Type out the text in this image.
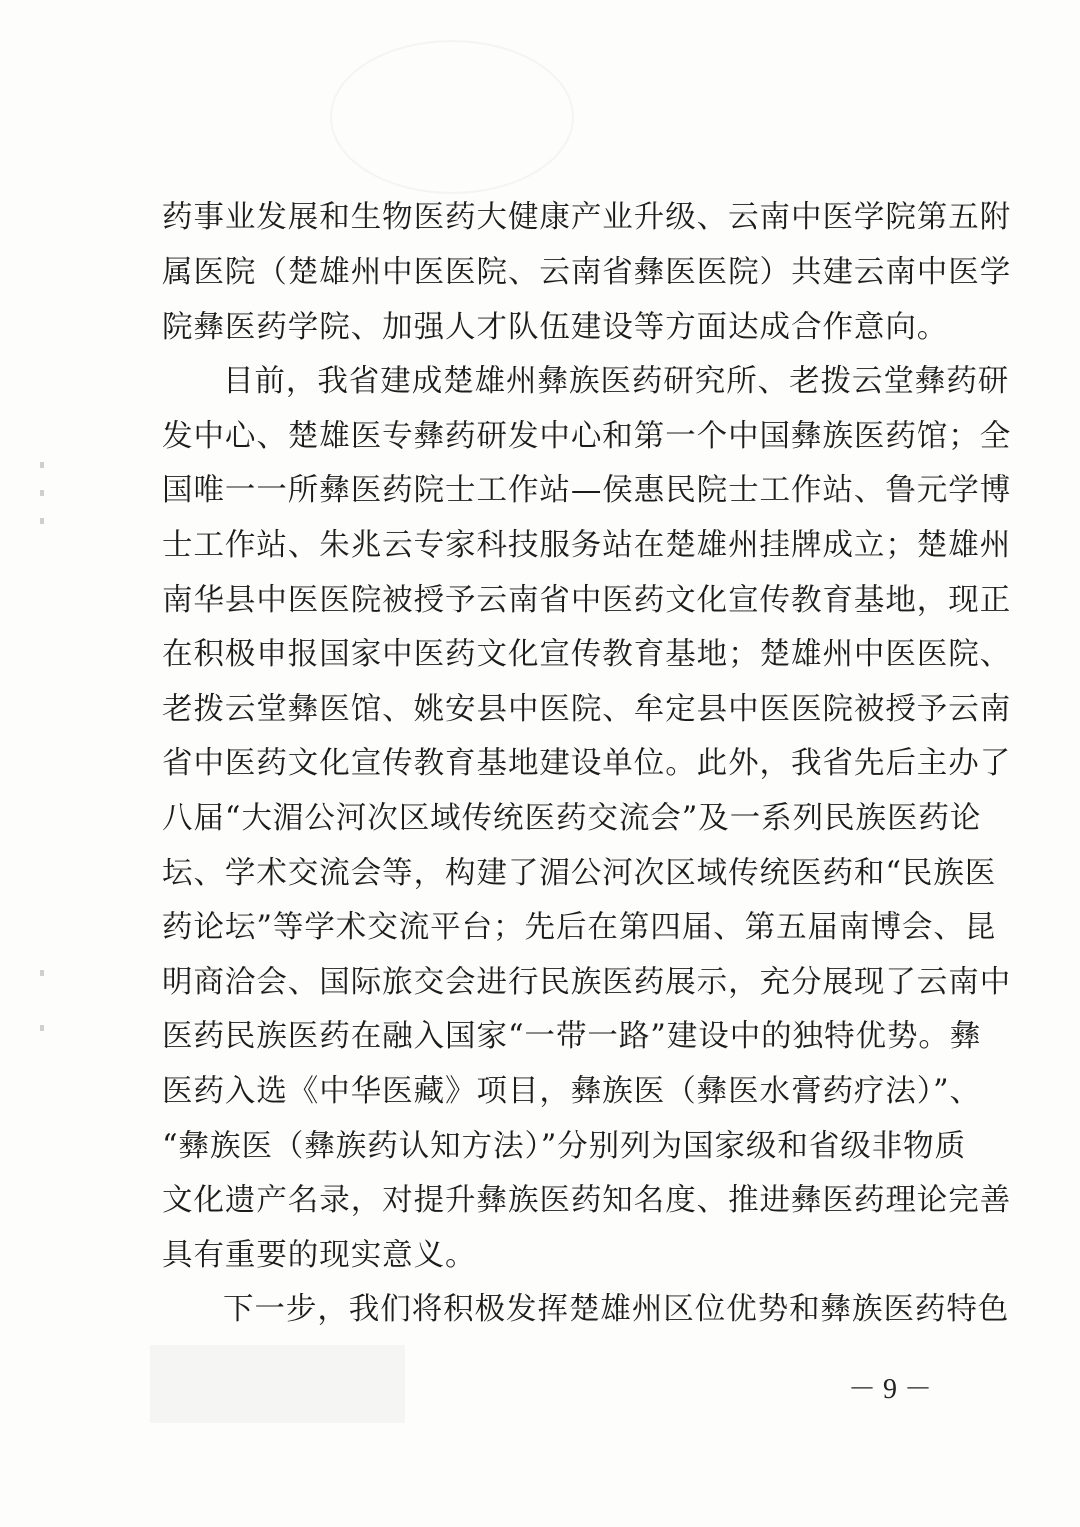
药事业发展和生物医药大健康产业升级、云南中医学院第五附
属医院（楚雄州中医医院、云南省彝医医院）共建云南中医学
院彝医药学院、加强人才队伍建设等方面达成合作意向。
目前，我省建成楚雄州彝族医药研究所、老拨云堂彝药研
发中心、楚雄医专彝药研发中心和第一个中国彝族医药馆；全
国唯一一所彝医药院士工作站—侯惠民院士工作站、鲁元学博
士工作站、朱兆云专家科技服务站在楚雄州挂牌成立；楚雄州
南华县中医医院被授予云南省中医药文化宣传教育基地，现正
在积极申报国家中医药文化宣传教育基地；楚雄州中医医院、
老拨云堂彝医馆、姚安县中医院、牟定县中医医院被授予云南
省中医药文化宣传教育基地建设单位。此外，我省先后主办了
八届“大湄公河次区域传统医药交流会”及一系列民族医药论
坛、学术交流会等，构建了湄公河次区域传统医药和“民族医
药论坛”等学术交流平台；先后在第四届、第五届南博会、昆
明商洽会、国际旅交会进行民族医药展示，充分展现了云南中
医药民族医药在融入国家“一带一路”建设中的独特优势。彝
医药入选《中华医藏》项目，彝族医（彝医水膏药疗法）”、
“彝族医（彝族药认知方法）”分别列为国家级和省级非物质
文化遗产名录，对提升彝族医药知名度、推进彝医药理论完善
具有重要的现实意义。
下一步，我们将积极发挥楚雄州区位优势和彝族医药特色
－ 9 －
